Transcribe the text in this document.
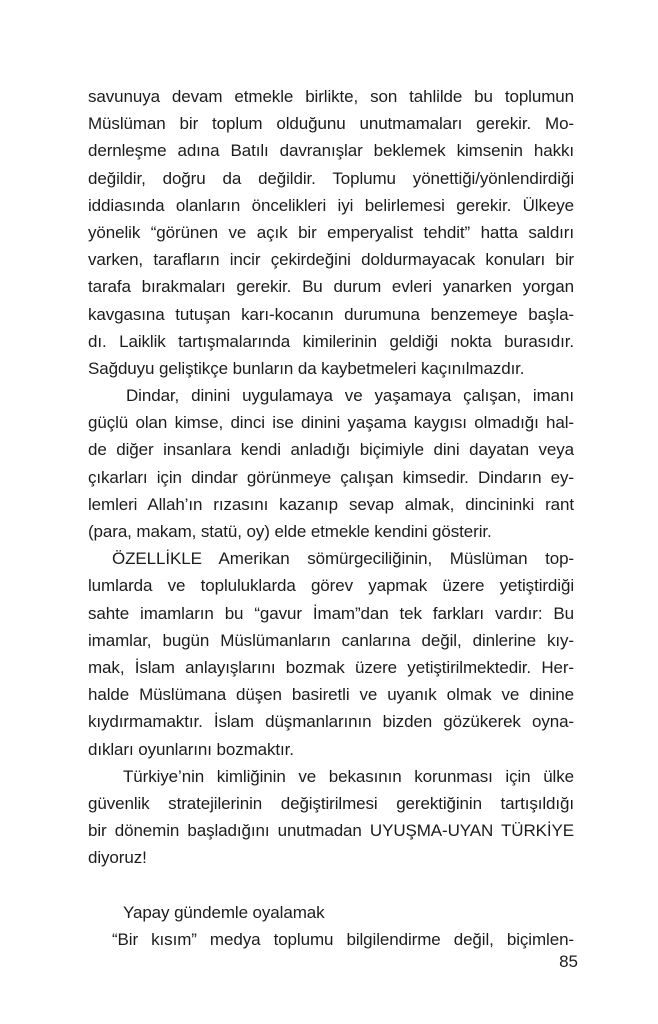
savunuya devam etmekle birlikte, son tahlilde bu toplumun
Müslüman bir toplum olduğunu unutmamaları gerekir. Mo-
dernleşme adına Batılı davranışlar beklemek kimsenin hakkı
değildir, doğru da değildir. Toplumu yönettiği/yönlendirdiği
iddiasında olanların öncelikleri iyi belirlemesi gerekir. Ülkeye
yönelik “görünen ve açık bir emperyalist tehdit” hatta saldırı
varken, tarafların incir çekirdeğini doldurmayacak konuları bir
tarafa bırakmaları gerekir. Bu durum evleri yanarken yorgan
kavgasına tutuşan karı-kocanın durumuna benzemeye başla-
dı. Laiklik tartışmalarında kimilerinin geldiği nokta burasıdır.
Sağduyu geliştikçe bunların da kaybetmeleri kaçınılmazdır.
Dindar, dinini uygulamaya ve yaşamaya çalışan, imanı
güçlü olan kimse, dinci ise dinini yaşama kaygısı olmadığı hal-
de diğer insanlara kendi anladığı biçimiyle dini dayatan veya
çıkarları için dindar görünmeye çalışan kimsedir. Dindarın ey-
lemleri Allah’ın rızasını kazanıp sevap almak, dincininki rant
(para, makam, statü, oy) elde etmekle kendini gösterir.
ÖZELLİKLE Amerikan sömürgeciliğinin, Müslüman top-
lumlarda ve topluluklarda görev yapmak üzere yetiştirdiği
sahte imamların bu “gavur İmam”dan tek farkları vardır: Bu
imamlar, bugün Müslümanların canlarına değil, dinlerine kıy-
mak, İslam anlayışlarını bozmak üzere yetiştirilmektedir. Her-
halde Müslümana düşen basiretli ve uyanık olmak ve dinine
kıydırmamaktır. İslam düşmanlarının bizden gözükerek oyna-
dıkları oyunlarını bozmaktır.
Türkiye’nin kimliğinin ve bekasının korunması için ülke
güvenlik stratejilerinin değiştirilmesi gerektiğinin tartışıldığı
bir dönemin başladığını unutmadan UYUŞMA-UYAN TÜRKİYE
diyoruz!
Yapay gündemle oyalamak
“Bir kısım” medya toplumu bilgilendirme değil, biçimlen-
85
